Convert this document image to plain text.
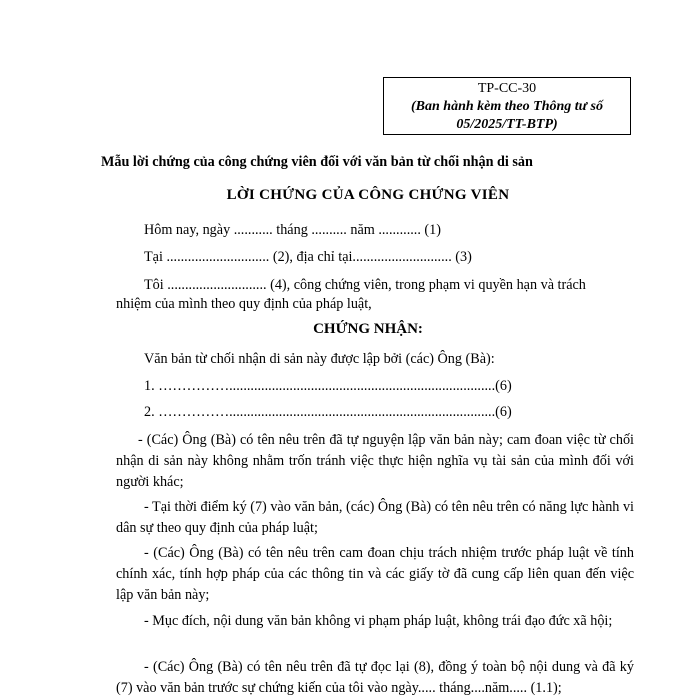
TP-CC-30
(Ban hành kèm theo Thông tư số
05/2025/TT-BTP)
Mẫu lời chứng của công chứng viên đối với văn bản từ chối nhận di sản
LỜI CHỨNG CỦA CÔNG CHỨNG VIÊN
Hôm nay, ngày ........... tháng .......... năm ............ (1)
Tại ............................. (2), địa chỉ tại............................ (3)
Tôi ............................ (4), công chứng viên, trong phạm vi quyền hạn và trách
nhiệm của mình theo quy định của pháp luật,
CHỨNG NHẬN:
Văn bản từ chối nhận di sản này được lập bởi (các) Ông (Bà):
1. ……………...........................................................................(6)
2. ……………...........................................................................(6)
- (Các) Ông (Bà) có tên nêu trên đã tự nguyện lập văn bản này; cam đoan việc từ chối nhận di sản này không nhằm trốn tránh việc thực hiện nghĩa vụ tài sản của mình đối với người khác;
- Tại thời điểm ký (7) vào văn bản, (các) Ông (Bà) có tên nêu trên có năng lực hành vi dân sự theo quy định của pháp luật;
- (Các) Ông (Bà) có tên nêu trên cam đoan chịu trách nhiệm trước pháp luật về tính chính xác, tính hợp pháp của các thông tin và các giấy tờ đã cung cấp liên quan đến việc lập văn bản này;
- Mục đích, nội dung văn bản không vi phạm pháp luật, không trái đạo đức xã hội;
- (Các) Ông (Bà) có tên nêu trên đã tự đọc lại (8), đồng ý toàn bộ nội dung và đã ký (7) vào văn bản trước sự chứng kiến của tôi vào ngày..... tháng....năm..... (1.1);
